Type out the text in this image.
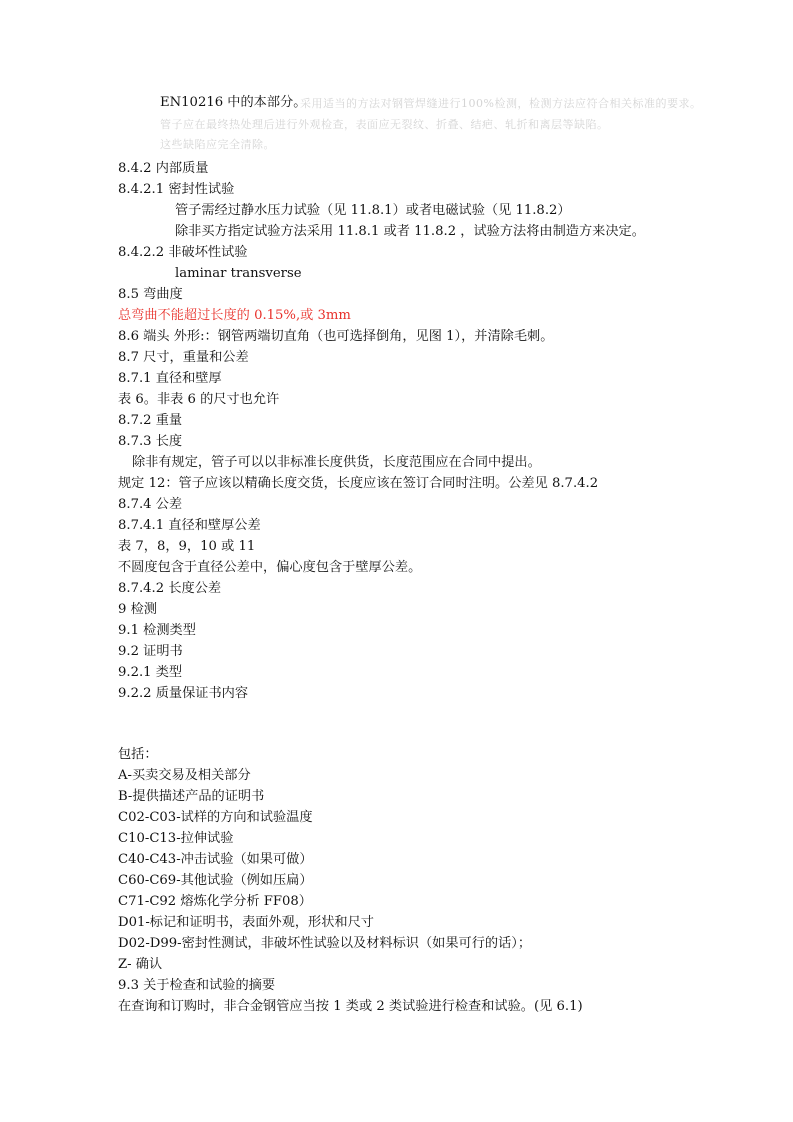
EN10216 中的本部分。
采用适当的方法对钢管焊缝进行100%检测，检测方法应符合相关标准的要求。
管子应在最终热处理后进行外观检查，表面应无裂纹、折叠、结疤、轧折和离层等缺陷。
这些缺陷应完全清除。
8.4.2 内部质量
8.4.2.1 密封性试验
管子需经过静水压力试验（见 11.8.1）或者电磁试验（见 11.8.2）
除非买方指定试验方法采用 11.8.1 或者 11.8.2 ，试验方法将由制造方来决定。
8.4.2.2 非破坏性试验
laminar transverse
8.5 弯曲度
总弯曲不能超过长度的 0.15%,或 3mm
8.6 端头 外形:：钢管两端切直角（也可选择倒角，见图 1），并清除毛刺。
8.7 尺寸，重量和公差
8.7.1 直径和壁厚
表 6。非表 6 的尺寸也允许
8.7.2 重量
8.7.3 长度
除非有规定，管子可以以非标准长度供货，长度范围应在合同中提出。
规定 12：管子应该以精确长度交货，长度应该在签订合同时注明。公差见 8.7.4.2
8.7.4 公差
8.7.4.1 直径和壁厚公差
表 7，8，9，10 或 11
不圆度包含于直径公差中，偏心度包含于壁厚公差。
8.7.4.2 长度公差
9 检测
9.1 检测类型
9.2 证明书
9.2.1 类型
9.2.2 质量保证书内容
包括：
A-买卖交易及相关部分
B-提供描述产品的证明书
C02-C03-试样的方向和试验温度
C10-C13-拉伸试验
C40-C43-冲击试验（如果可做）
C60-C69-其他试验（例如压扁）
C71-C92 熔炼化学分析 FF08）
D01-标记和证明书，表面外观，形状和尺寸
D02-D99-密封性测试，非破坏性试验以及材料标识（如果可行的话）；
Z- 确认
9.3 关于检查和试验的摘要
在查询和订购时，非合金钢管应当按 1 类或 2 类试验进行检查和试验。(见 6.1)
